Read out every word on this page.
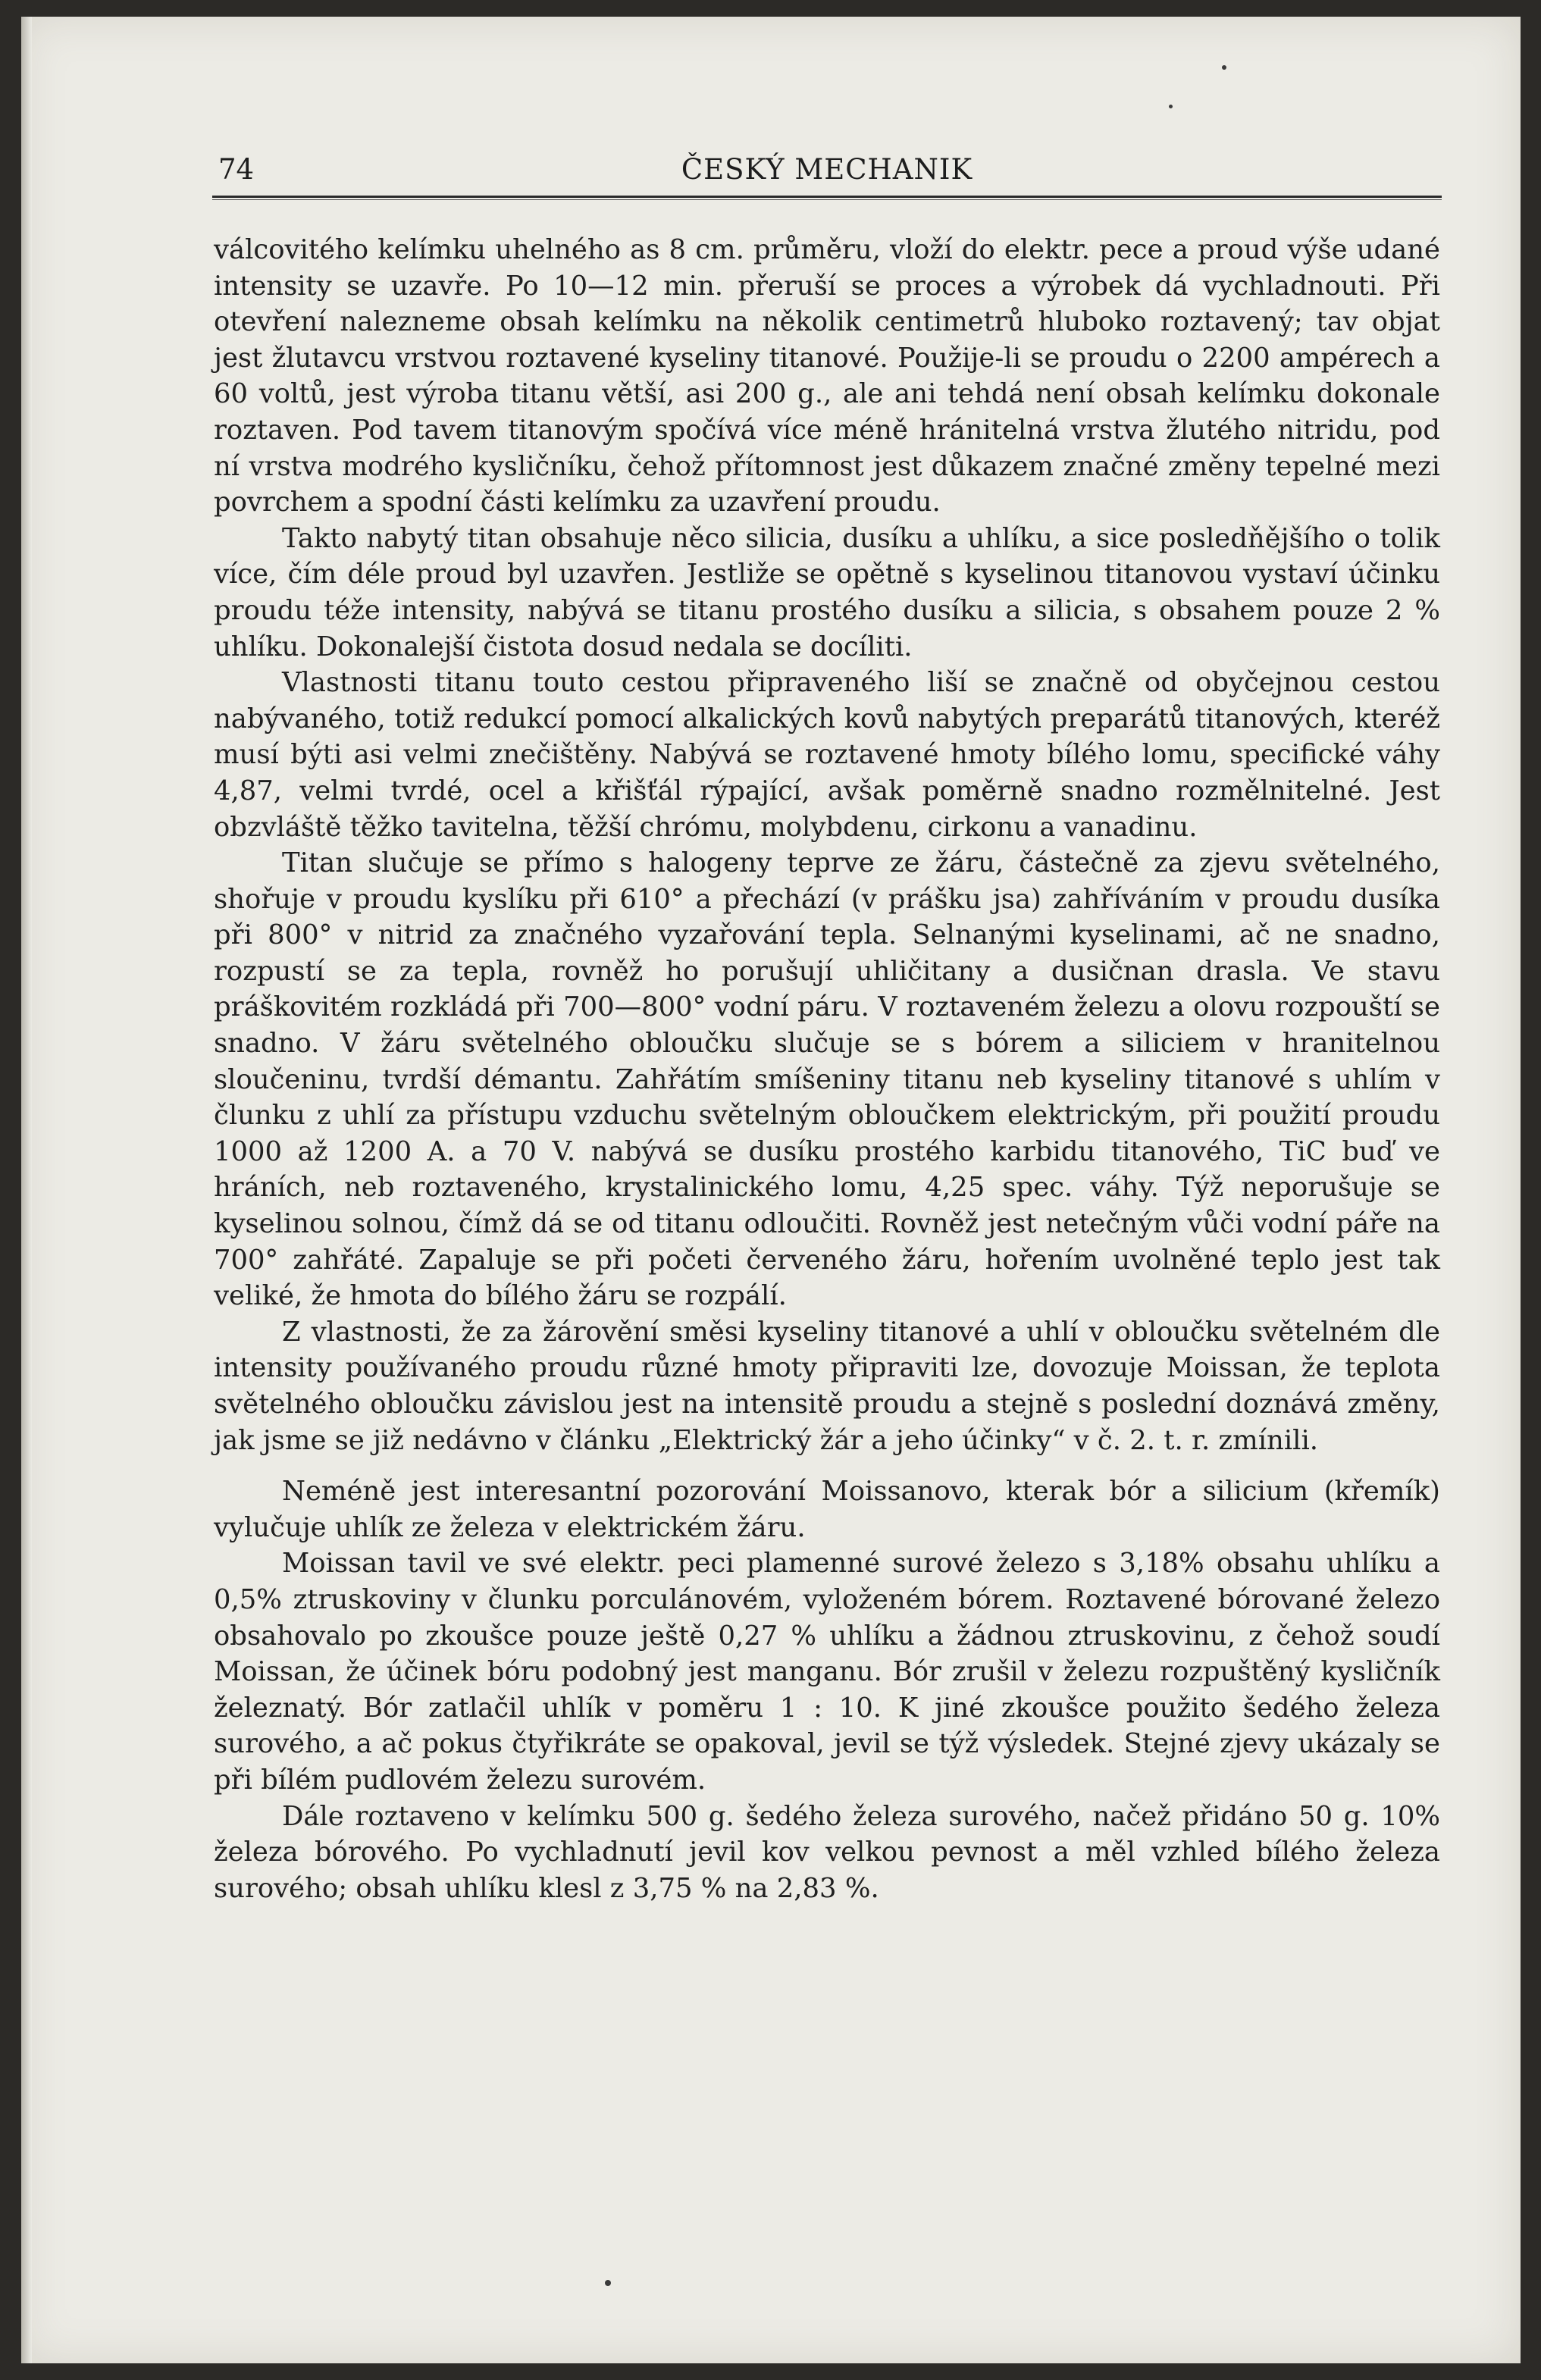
74	ČESKÝ MECHANIK

válcovitého kelímku uhelného as 8 cm. průměru, vloží do elektr. pece a proud výše udané intensity se uzavře. Po 10—12 min. přeruší se proces a výrobek dá vychladnouti. Při otevření nalezneme obsah kelímku na několik centimetrů hluboko roztavený; tav objat jest žlutavcu vrstvou roztavené kyseliny titanové. Použije-li se proudu o 2200 ampérech a 60 voltů, jest výroba titanu větší, asi 200 g., ale ani tehdá není obsah kelímku dokonale roztaven. Pod tavem titanovým spočívá více méně hránitelná vrstva žlutého nitridu, pod ní vrstva modrého kysličníku, čehož přítomnost jest důkazem značné změny tepelné mezi povrchem a spodní části kelímku za uzavření proudu.

Takto nabytý titan obsahuje něco silicia, dusíku a uhlíku, a sice posledňějšího o tolik více, čím déle proud byl uzavřen. Jestliže se opětně s kyselinou titanovou vystaví účinku proudu téže intensity, nabývá se titanu prostého dusíku a silicia, s obsahem pouze 2 % uhlíku. Dokonalejší čistota dosud nedala se docíliti.

Vlastnosti titanu touto cestou připraveného liší se značně od obyčejnou cestou nabývaného, totiž redukcí pomocí alkalických kovů nabytých preparátů titanových, kteréž musí býti asi velmi znečištěny. Nabývá se roztavené hmoty bílého lomu, specifické váhy 4,87, velmi tvrdé, ocel a křišťál rýpající, avšak poměrně snadno rozmělnitelné. Jest obzvláště těžko tavitelna, těžší chrómu, molybdenu, cirkonu a vanadinu.

Titan slučuje se přímo s halogeny teprve ze žáru, částečně za zjevu světelného, shořuje v proudu kyslíku při 610° a přechází (v prášku jsa) zahříváním v proudu dusíka při 800° v nitrid za značného vyzařování tepla. Selnanými kyselinami, ač ne snadno, rozpustí se za tepla, rovněž ho porušují uhličitany a dusičnan drasla. Ve stavu práškovitém rozkládá při 700—800° vodní páru. V roztaveném železu a olovu rozpouští se snadno. V žáru světelného obloučku slučuje se s bórem a siliciem v hranitelnou sloučeninu, tvrdší démantu. Zahřátím smíšeniny titanu neb kyseliny titanové s uhlím v člunku z uhlí za přístupu vzduchu světelným obloučkem elektrickým, při použití proudu 1000 až 1200 A. a 70 V. nabývá se dusíku prostého karbidu titanového, TiC buď ve hráních, neb roztaveného, krystalinického lomu, 4,25 spec. váhy. Týž neporušuje se kyselinou solnou, čímž dá se od titanu odloučiti. Rovněž jest netečným vůči vodní páře na 700° zahřáté. Zapaluje se při početi červeného žáru, hořením uvolněné teplo jest tak veliké, že hmota do bílého žáru se rozpálí.

Z vlastnosti, že za žárovění směsi kyseliny titanové a uhlí v obloučku světelném dle intensity používaného proudu různé hmoty připraviti lze, dovozuje Moissan, že teplota světelného obloučku závislou jest na intensitě proudu a stejně s poslední doznává změny, jak jsme se již nedávno v článku „Elektrický žár a jeho účinky“ v č. 2. t. r. zmínili.

Neméně jest interesantní pozorování Moissanovo, kterak bór a silicium (křemík) vylučuje uhlík ze železa v elektrickém žáru.

Moissan tavil ve své elektr. peci plamenné surové železo s 3,18% obsahu uhlíku a 0,5% ztruskoviny v člunku porculánovém, vyloženém bórem. Roztavené bórované železo obsahovalo po zkoušce pouze ještě 0,27 % uhlíku a žádnou ztruskovinu, z čehož soudí Moissan, že účinek bóru podobný jest manganu. Bór zrušil v železu rozpuštěný kysličník železnatý. Bór zatlačil uhlík v poměru 1 : 10. K jiné zkoušce použito šedého železa surového, a ač pokus čtyřikráte se opakoval, jevil se týž výsledek. Stejné zjevy ukázaly se při bílém pudlovém železu surovém.

Dále roztaveno v kelímku 500 g. šedého železa surového, načež přidáno 50 g. 10% železa bórového. Po vychladnutí jevil kov velkou pevnost a měl vzhled bílého železa surového; obsah uhlíku klesl z 3,75 % na 2,83 %.
